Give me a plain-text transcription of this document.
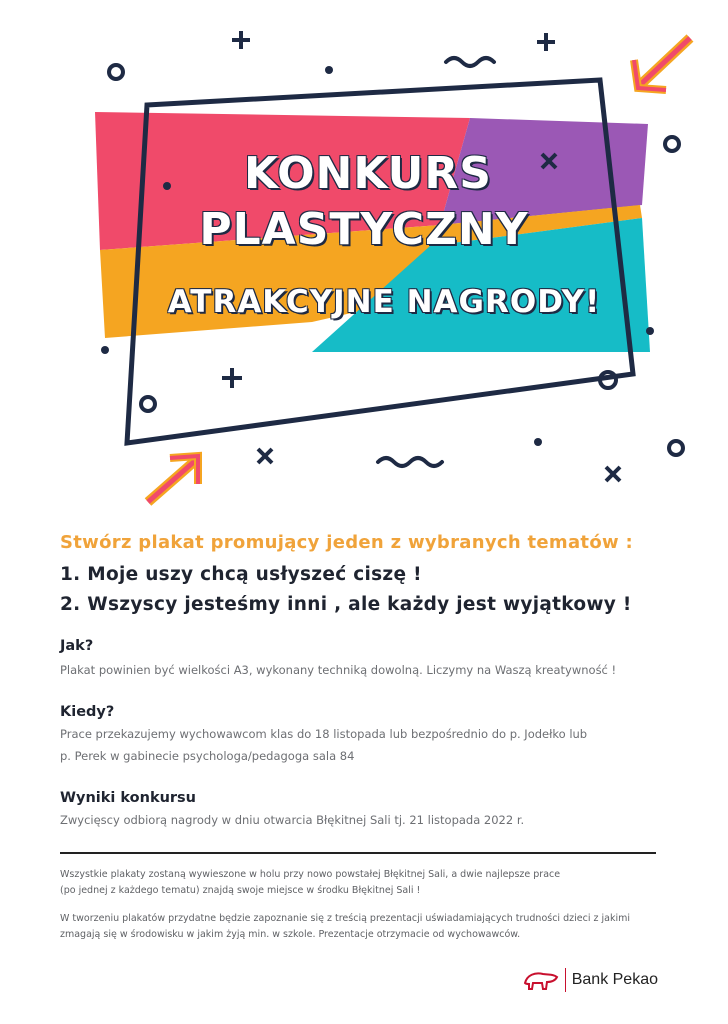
KONKURS
PLASTYCZNY
ATRAKCYJNE NAGRODY!

Stwórz plakat promujący jeden z wybranych tematów :

1. Moje uszy chcą usłyszeć ciszę !

2. Wszyscy jesteśmy inni , ale każdy jest wyjątkowy !

Jak?

Plakat powinien być wielkości A3, wykonany techniką dowolną. Liczymy na Waszą kreatywność !

Kiedy?

Prace przekazujemy wychowawcom klas do 18 listopada lub bezpośrednio do p. Jodełko lub

p. Perek w gabinecie psychologa/pedagoga sala 84

Wyniki konkursu

Zwycięscy odbiorą nagrody w dniu otwarcia Błękitnej Sali tj. 21 listopada 2022 r.

Wszystkie plakaty zostaną wywieszone w holu przy nowo powstałej Błękitnej Sali, a dwie najlepsze prace

(po jednej z każdego tematu) znajdą swoje miejsce w środku Błękitnej Sali !

W tworzeniu plakatów przydatne będzie zapoznanie się z treścią prezentacji uświadamiających trudności dzieci z jakimi

zmagają się w środowisku w jakim żyją min. w szkole. Prezentacje otrzymacie od wychowawców.

Bank Pekao
